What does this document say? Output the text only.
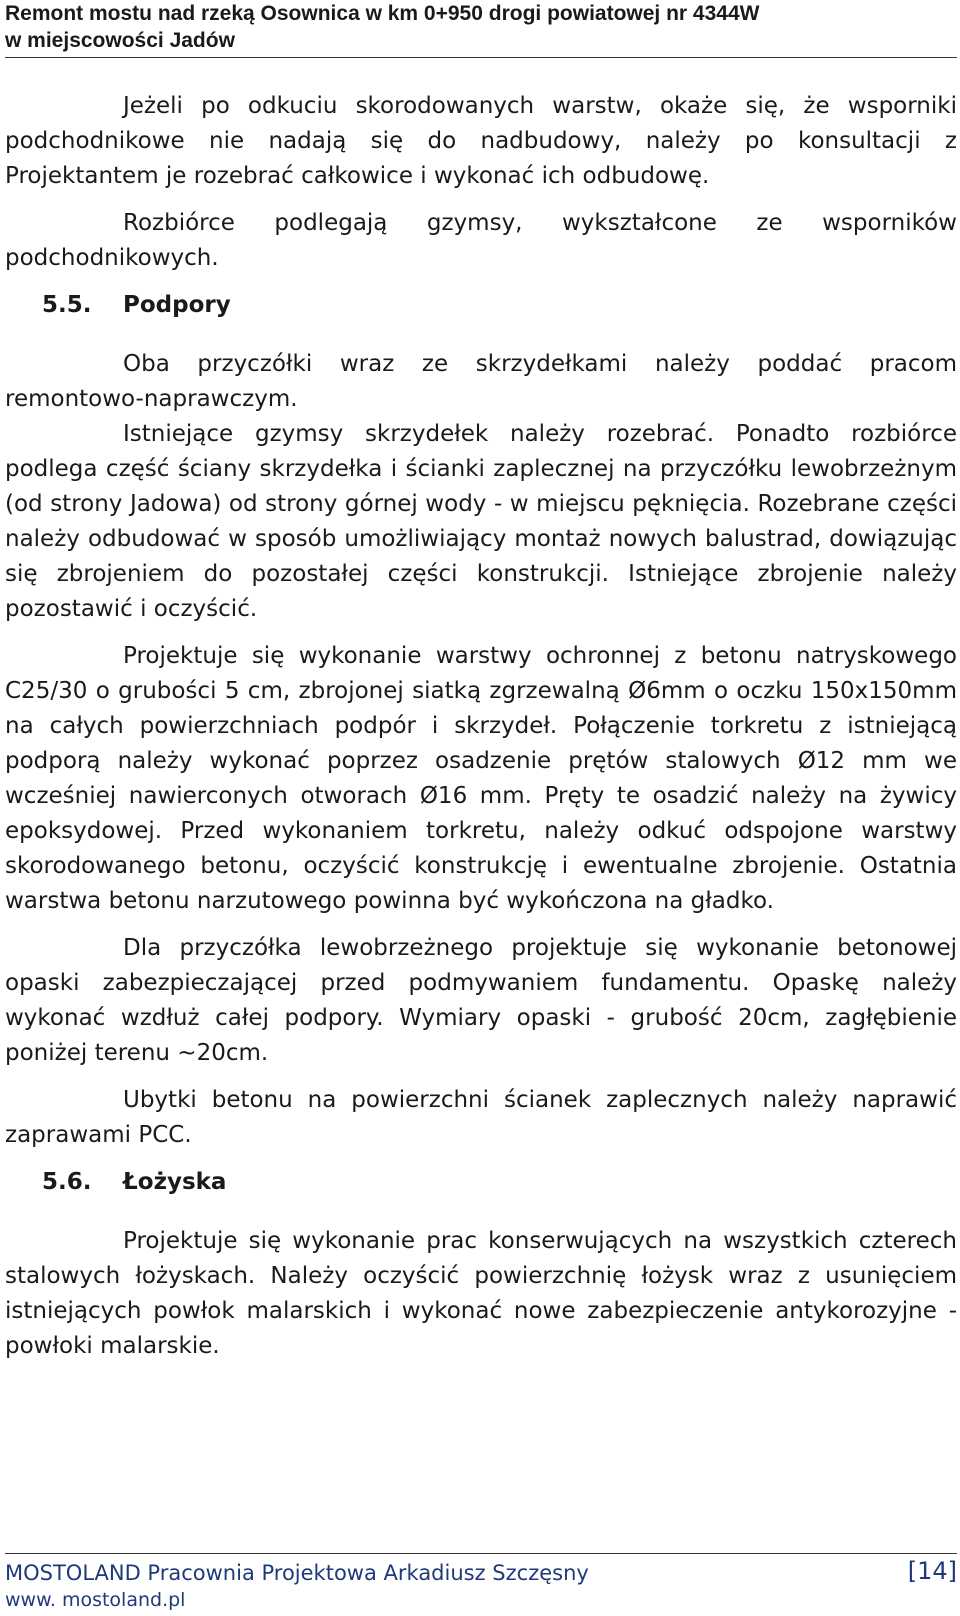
Remont mostu nad rzeką Osownica w km 0+950 drogi powiatowej nr 4344W
w miejscowości Jadów

Jeżeli po odkuciu skorodowanych warstw, okaże się, że wsporniki podchodnikowe nie nadają się do nadbudowy, należy po konsultacji z Projektantem je rozebrać całkowice i wykonać ich odbudowę.

Rozbiórce podlegają gzymsy, wykształcone ze wsporników podchodnikowych.

5.5. Podpory

Oba przyczółki wraz ze skrzydełkami należy poddać pracom remontowo-naprawczym.

Istniejące gzymsy skrzydełek należy rozebrać. Ponadto rozbiórce podlega część ściany skrzydełka i ścianki zaplecznej na przyczółku lewobrzeżnym (od strony Jadowa) od strony górnej wody - w miejscu pęknięcia. Rozebrane części należy odbudować w sposób umożliwiający montaż nowych balustrad, dowiązując się zbrojeniem do pozostałej części konstrukcji. Istniejące zbrojenie należy pozostawić i oczyścić.

Projektuje się wykonanie warstwy ochronnej z betonu natryskowego C25/30 o grubości 5 cm, zbrojonej siatką zgrzewalną Ø6mm o oczku 150x150mm na całych powierzchniach podpór i skrzydeł. Połączenie torkretu z istniejącą podporą należy wykonać poprzez osadzenie prętów stalowych Ø12 mm we wcześniej nawierconych otworach Ø16 mm. Pręty te osadzić należy na żywicy epoksydowej. Przed wykonaniem torkretu, należy odkuć odspojone warstwy skorodowanego betonu, oczyścić konstrukcję i ewentualne zbrojenie. Ostatnia warstwa betonu narzutowego powinna być wykończona na gładko.

Dla przyczółka lewobrzeżnego projektuje się wykonanie betonowej opaski zabezpieczającej przed podmywaniem fundamentu. Opaskę należy wykonać wzdłuż całej podpory. Wymiary opaski - grubość 20cm, zagłębienie poniżej terenu ~20cm.

Ubytki betonu na powierzchni ścianek zaplecznych należy naprawić zaprawami PCC.

5.6. Łożyska

Projektuje się wykonanie prac konserwujących na wszystkich czterech stalowych łożyskach. Należy oczyścić powierzchnię łożysk wraz z usunięciem istniejących powłok malarskich i wykonać nowe zabezpieczenie antykorozyjne - powłoki malarskie.

MOSTOLAND Pracownia Projektowa Arkadiusz Szczęsny	[14]
www. mostoland.pl
